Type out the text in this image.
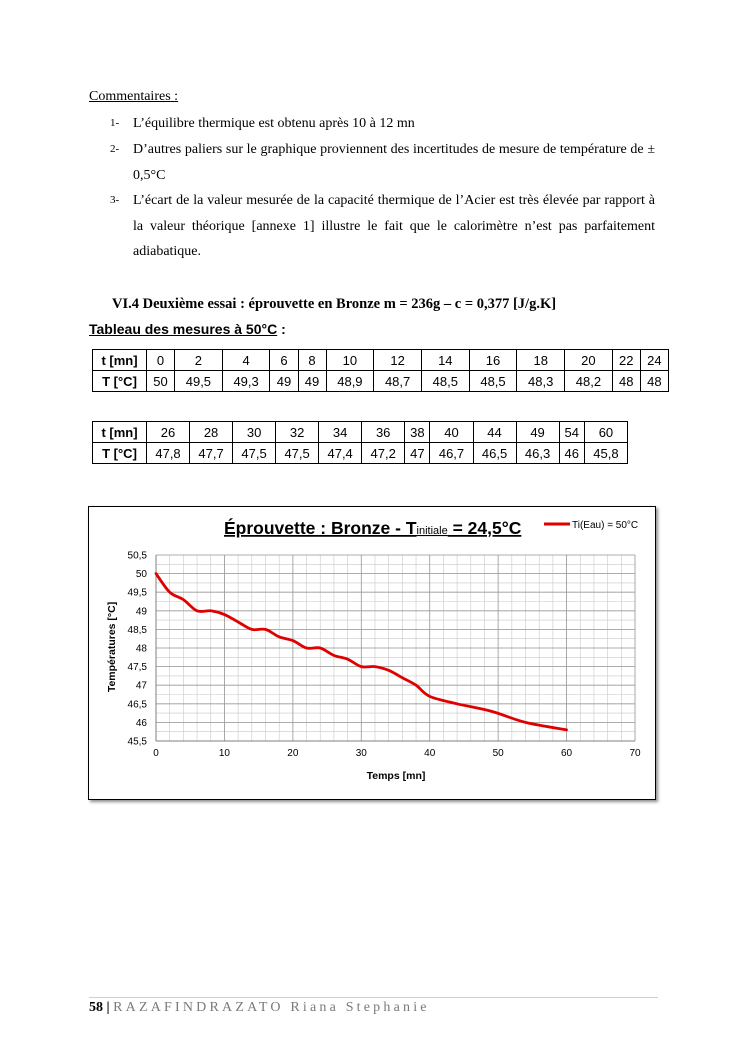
Commentaires :
1- L’équilibre thermique est obtenu après 10 à 12 mn
2- D’autres paliers sur le graphique proviennent des incertitudes de mesure de température de ± 0,5°C
3- L’écart de la valeur mesurée de la capacité thermique de l’Acier est très élevée par rapport à la valeur théorique [annexe 1] illustre le fait que le calorimètre n’est pas parfaitement adiabatique.
VI.4 Deuxième essai : éprouvette en Bronze m = 236g – c = 0,377 [J/g.K]
Tableau des mesures à 50°C :
t [mn]	0	2	4	6	8	10	12	14	16	18	20	22	24
T [°C]	50	49,5	49,3	49	49	48,9	48,7	48,5	48,5	48,3	48,2	48	48
t [mn]	26	28	30	32	34	36	38	40	44	49	54	60
T [°C]	47,8	47,7	47,5	47,5	47,4	47,2	47	46,7	46,5	46,3	46	45,8
0	10	20	30	40	50	60	70
45,5
46
46,5
47
47,5
48
48,5
49
49,5
50
50,5
Éprouvette : Bronze - Tinitiale = 24,5°C	Ti(Eau) = 50°C
Temps [mn]
Températures [°C]
58 | RAZAFINDRAZATO Riana Stephanie
